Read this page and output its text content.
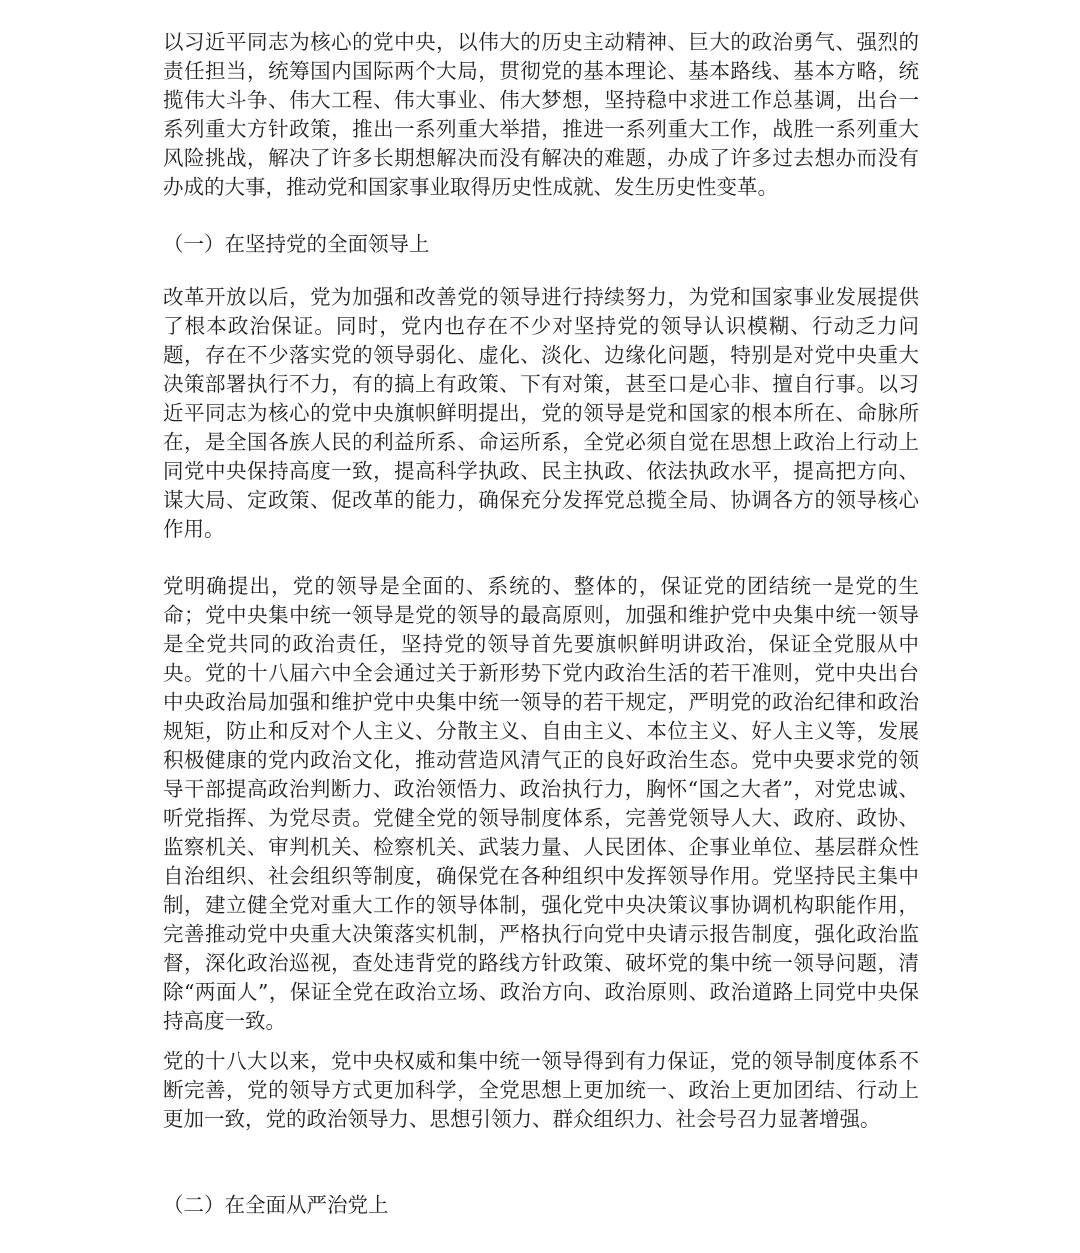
以习近平同志为核心的党中央，以伟大的历史主动精神、巨大的政治勇气、强烈的责任担当，统筹国内国际两个大局，贯彻党的基本理论、基本路线、基本方略，统揽伟大斗争、伟大工程、伟大事业、伟大梦想，坚持稳中求进工作总基调，出台一系列重大方针政策，推出一系列重大举措，推进一系列重大工作，战胜一系列重大风险挑战，解决了许多长期想解决而没有解决的难题，办成了许多过去想办而没有办成的大事，推动党和国家事业取得历史性成就、发生历史性变革。

（一）在坚持党的全面领导上

改革开放以后，党为加强和改善党的领导进行持续努力，为党和国家事业发展提供了根本政治保证。同时，党内也存在不少对坚持党的领导认识模糊、行动乏力问题，存在不少落实党的领导弱化、虚化、淡化、边缘化问题，特别是对党中央重大决策部署执行不力，有的搞上有政策、下有对策，甚至口是心非、擅自行事。以习近平同志为核心的党中央旗帜鲜明提出，党的领导是党和国家的根本所在、命脉所在，是全国各族人民的利益所系、命运所系，全党必须自觉在思想上政治上行动上同党中央保持高度一致，提高科学执政、民主执政、依法执政水平，提高把方向、谋大局、定政策、促改革的能力，确保充分发挥党总揽全局、协调各方的领导核心作用。

党明确提出，党的领导是全面的、系统的、整体的，保证党的团结统一是党的生命；党中央集中统一领导是党的领导的最高原则，加强和维护党中央集中统一领导是全党共同的政治责任，坚持党的领导首先要旗帜鲜明讲政治，保证全党服从中央。党的十八届六中全会通过关于新形势下党内政治生活的若干准则，党中央出台中央政治局加强和维护党中央集中统一领导的若干规定，严明党的政治纪律和政治规矩，防止和反对个人主义、分散主义、自由主义、本位主义、好人主义等，发展积极健康的党内政治文化，推动营造风清气正的良好政治生态。党中央要求党的领导干部提高政治判断力、政治领悟力、政治执行力，胸怀“国之大者”，对党忠诚、听党指挥、为党尽责。党健全党的领导制度体系，完善党领导人大、政府、政协、监察机关、审判机关、检察机关、武装力量、人民团体、企事业单位、基层群众性自治组织、社会组织等制度，确保党在各种组织中发挥领导作用。党坚持民主集中制，建立健全党对重大工作的领导体制，强化党中央决策议事协调机构职能作用，完善推动党中央重大决策落实机制，严格执行向党中央请示报告制度，强化政治监督，深化政治巡视，查处违背党的路线方针政策、破坏党的集中统一领导问题，清除“两面人”，保证全党在政治立场、政治方向、政治原则、政治道路上同党中央保持高度一致。

党的十八大以来，党中央权威和集中统一领导得到有力保证，党的领导制度体系不断完善，党的领导方式更加科学，全党思想上更加统一、政治上更加团结、行动上更加一致，党的政治领导力、思想引领力、群众组织力、社会号召力显著增强。

（二）在全面从严治党上
